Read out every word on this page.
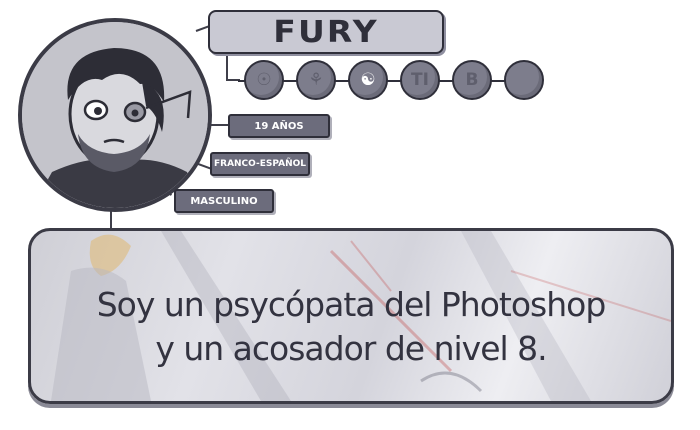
FURY
☉	⚘	☯	TI	B
19 AÑOS
FRANCO-ESPAÑOL
MASCULINO
Soy un psycópata del Photoshop
y un acosador de nivel 8.
